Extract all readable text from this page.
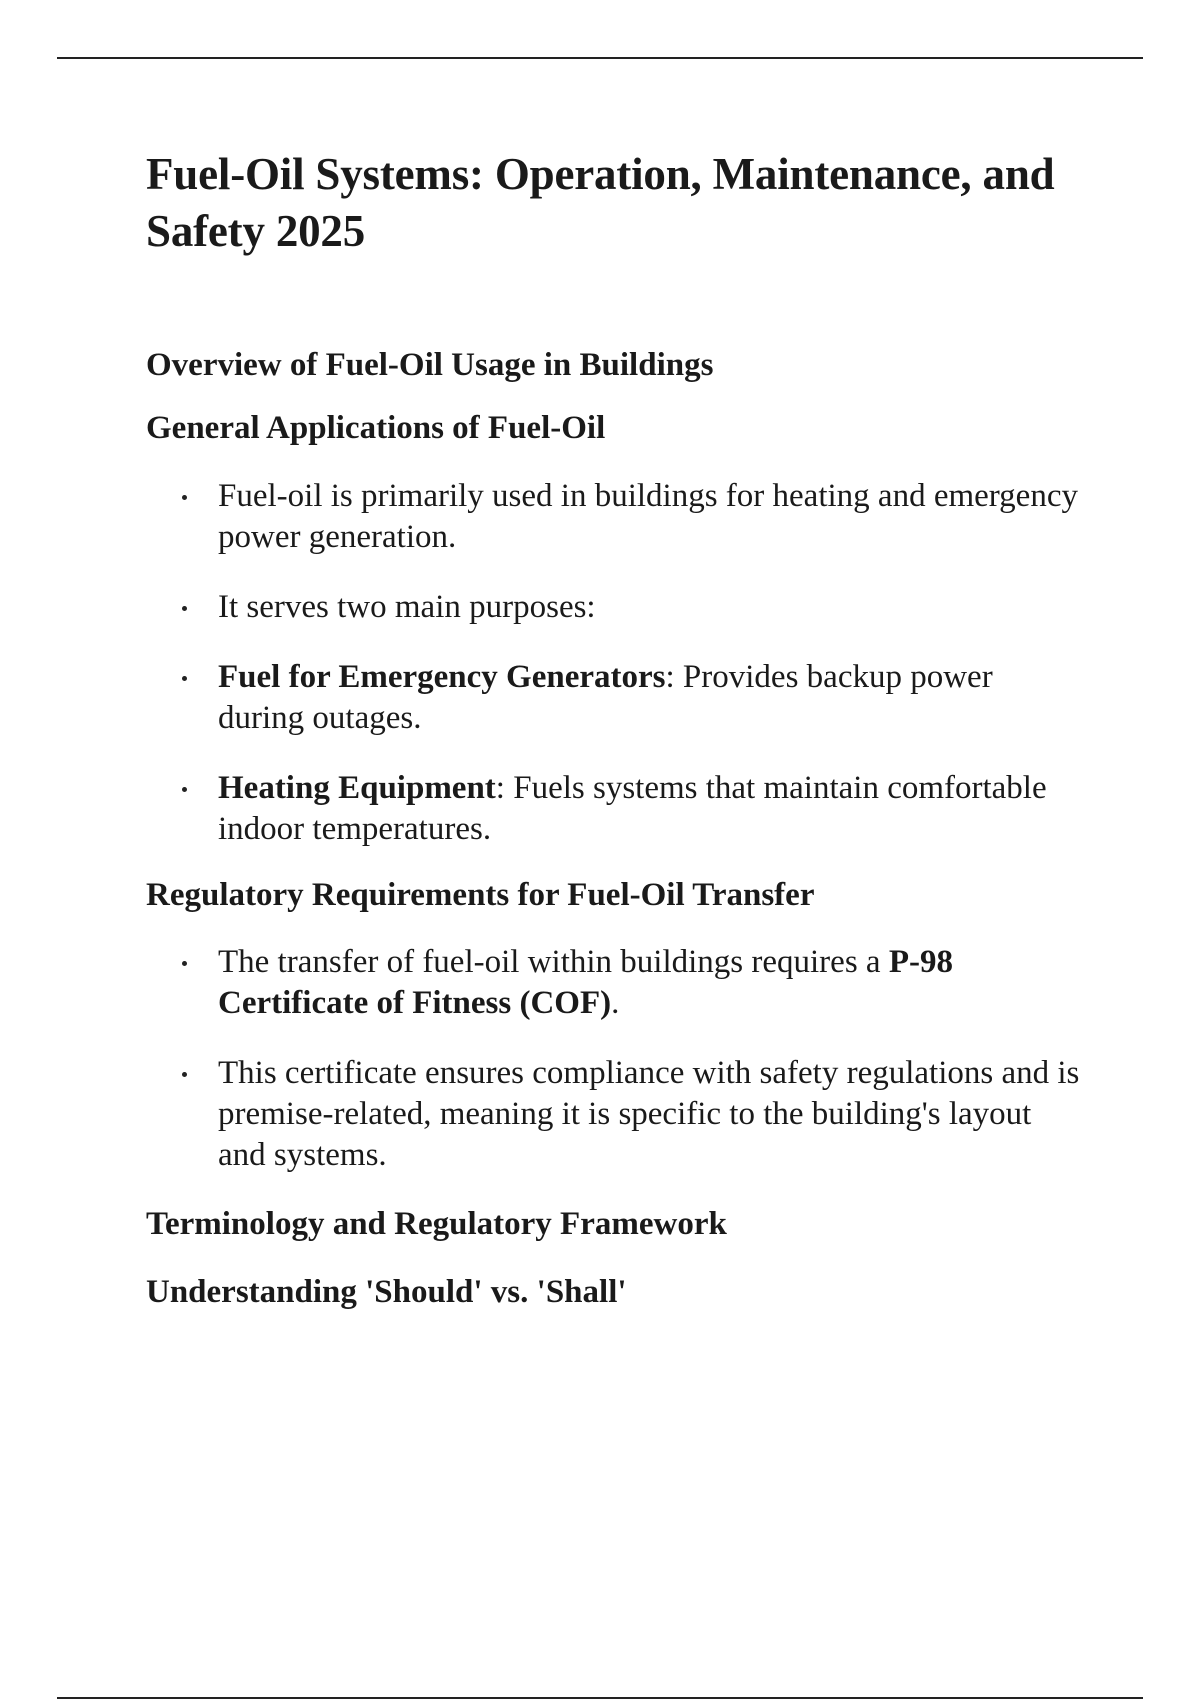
Fuel-Oil Systems: Operation, Maintenance, and Safety 2025
Overview of Fuel-Oil Usage in Buildings
General Applications of Fuel-Oil
Fuel-oil is primarily used in buildings for heating and emergency power generation.
It serves two main purposes:
Fuel for Emergency Generators: Provides backup power during outages.
Heating Equipment: Fuels systems that maintain comfortable indoor temperatures.
Regulatory Requirements for Fuel-Oil Transfer
The transfer of fuel-oil within buildings requires a P-98 Certificate of Fitness (COF).
This certificate ensures compliance with safety regulations and is premise-related, meaning it is specific to the building's layout and systems.
Terminology and Regulatory Framework
Understanding 'Should' vs. 'Shall'
